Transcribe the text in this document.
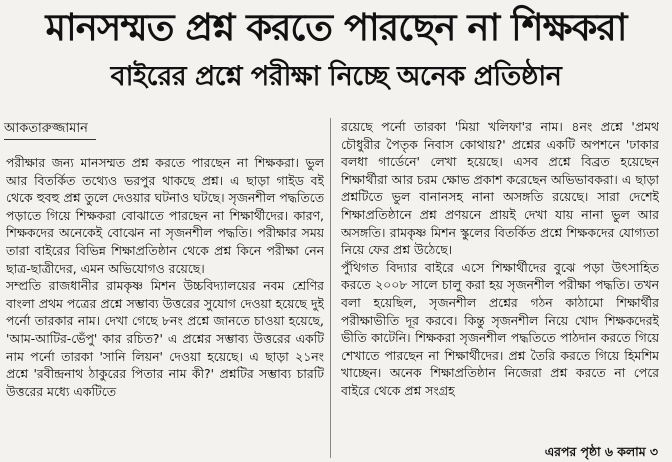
মানসম্মত প্রশ্ন করতে পারছেন না শিক্ষকরা
বাইরের প্রশ্নে পরীক্ষা নিচ্ছে অনেক প্রতিষ্ঠান
আকতারুজ্জামান

পরীক্ষার জন্য মানসম্মত প্রশ্ন করতে পারছেন না শিক্ষকরা। ভুল আর বিতর্কিত তথ্যেও ভরপুর থাকছে প্রশ্ন। এ ছাড়া গাইড বই থেকে হুবহু প্রশ্ন তুলে দেওয়ার ঘটনাও ঘটছে। সৃজনশীল পদ্ধতিতে পড়াতে গিয়ে শিক্ষকরা বোঝাতে পারছেন না শিক্ষার্থীদের। কারণ, শিক্ষকদের অনেকেই বোঝেন না সৃজনশীল পদ্ধতি। পরীক্ষার সময় তারা বাইরের বিভিন্ন শিক্ষাপ্রতিষ্ঠান থেকে প্রশ্ন কিনে পরীক্ষা নেন ছাত্র-ছাত্রীদের, এমন অভিযোগও রয়েছে।

সম্প্রতি রাজধানীর রামকৃষ্ণ মিশন উচ্চবিদ্যালয়ের নবম শ্রেণির বাংলা প্রথম পত্রের প্রশ্নে সম্ভাব্য উত্তরের সুযোগ দেওয়া হয়েছে দুই পর্নো তারকার নাম। দেখা গেছে ৮নং প্রশ্নে জানতে চাওয়া হয়েছে, 'আম-আটির-ভেঁপু' কার রচিত?' এ প্রশ্নের সম্ভাব্য উত্তরের একটি নাম পর্নো তারকা 'সানি লিয়ন' দেওয়া হয়েছে। এ ছাড়া ২১নং প্রশ্নে 'রবীন্দ্রনাথ ঠাকুরের পিতার নাম কী?' প্রশ্নটির সম্ভাব্য চারটি উত্তরের মধ্যে একটিতে

রয়েছে পর্নো তারকা 'মিয়া খলিফা'র নাম। ৪নং প্রশ্নে 'প্রমথ চৌধুরীর পৈতৃক নিবাস কোথায়?' প্রশ্নের একটি অপশনে 'ঢাকার বলধা গার্ডেনে' লেখা হয়েছে। এসব প্রশ্নে বিব্রত হয়েছেন শিক্ষার্থীরা আর চরম ক্ষোভ প্রকাশ করেছেন অভিভাবকরা। এ ছাড়া প্রশ্নটিতে ভুল বানানসহ নানা অসঙ্গতি রয়েছে। সারা দেশেই শিক্ষাপ্রতিষ্ঠানে প্রশ্ন প্রণয়নে প্রায়ই দেখা যায় নানা ভুল আর অসঙ্গতি। রামকৃষ্ণ মিশন স্কুলের বিতর্কিত প্রশ্নে শিক্ষকদের যোগ্যতা নিয়ে ফের প্রশ্ন উঠেছে।

পুঁথিগত বিদ্যার বাইরে এসে শিক্ষার্থীদের বুঝে পড়া উৎসাহিত করতে ২০০৮ সালে চালু করা হয় সৃজনশীল পরীক্ষা পদ্ধতি। তখন বলা হয়েছিল, সৃজনশীল প্রশ্নের গঠন কাঠামো শিক্ষার্থীর পরীক্ষাভীতি দূর করবে। কিন্তু সৃজনশীল নিয়ে খোদ শিক্ষকদেরই ভীতি কাটেনি। শিক্ষকরা সৃজনশীল পদ্ধতিতে পাঠদান করতে গিয়ে শেখাতে পারছেন না শিক্ষার্থীদের। প্রশ্ন তৈরি করতে গিয়ে হিমশিম খাচ্ছেন। অনেক শিক্ষাপ্রতিষ্ঠান নিজেরা প্রশ্ন করতে না পেরে বাইরে থেকে প্রশ্ন সংগ্রহ

এরপর পৃষ্ঠা ৬ কলাম ৩
